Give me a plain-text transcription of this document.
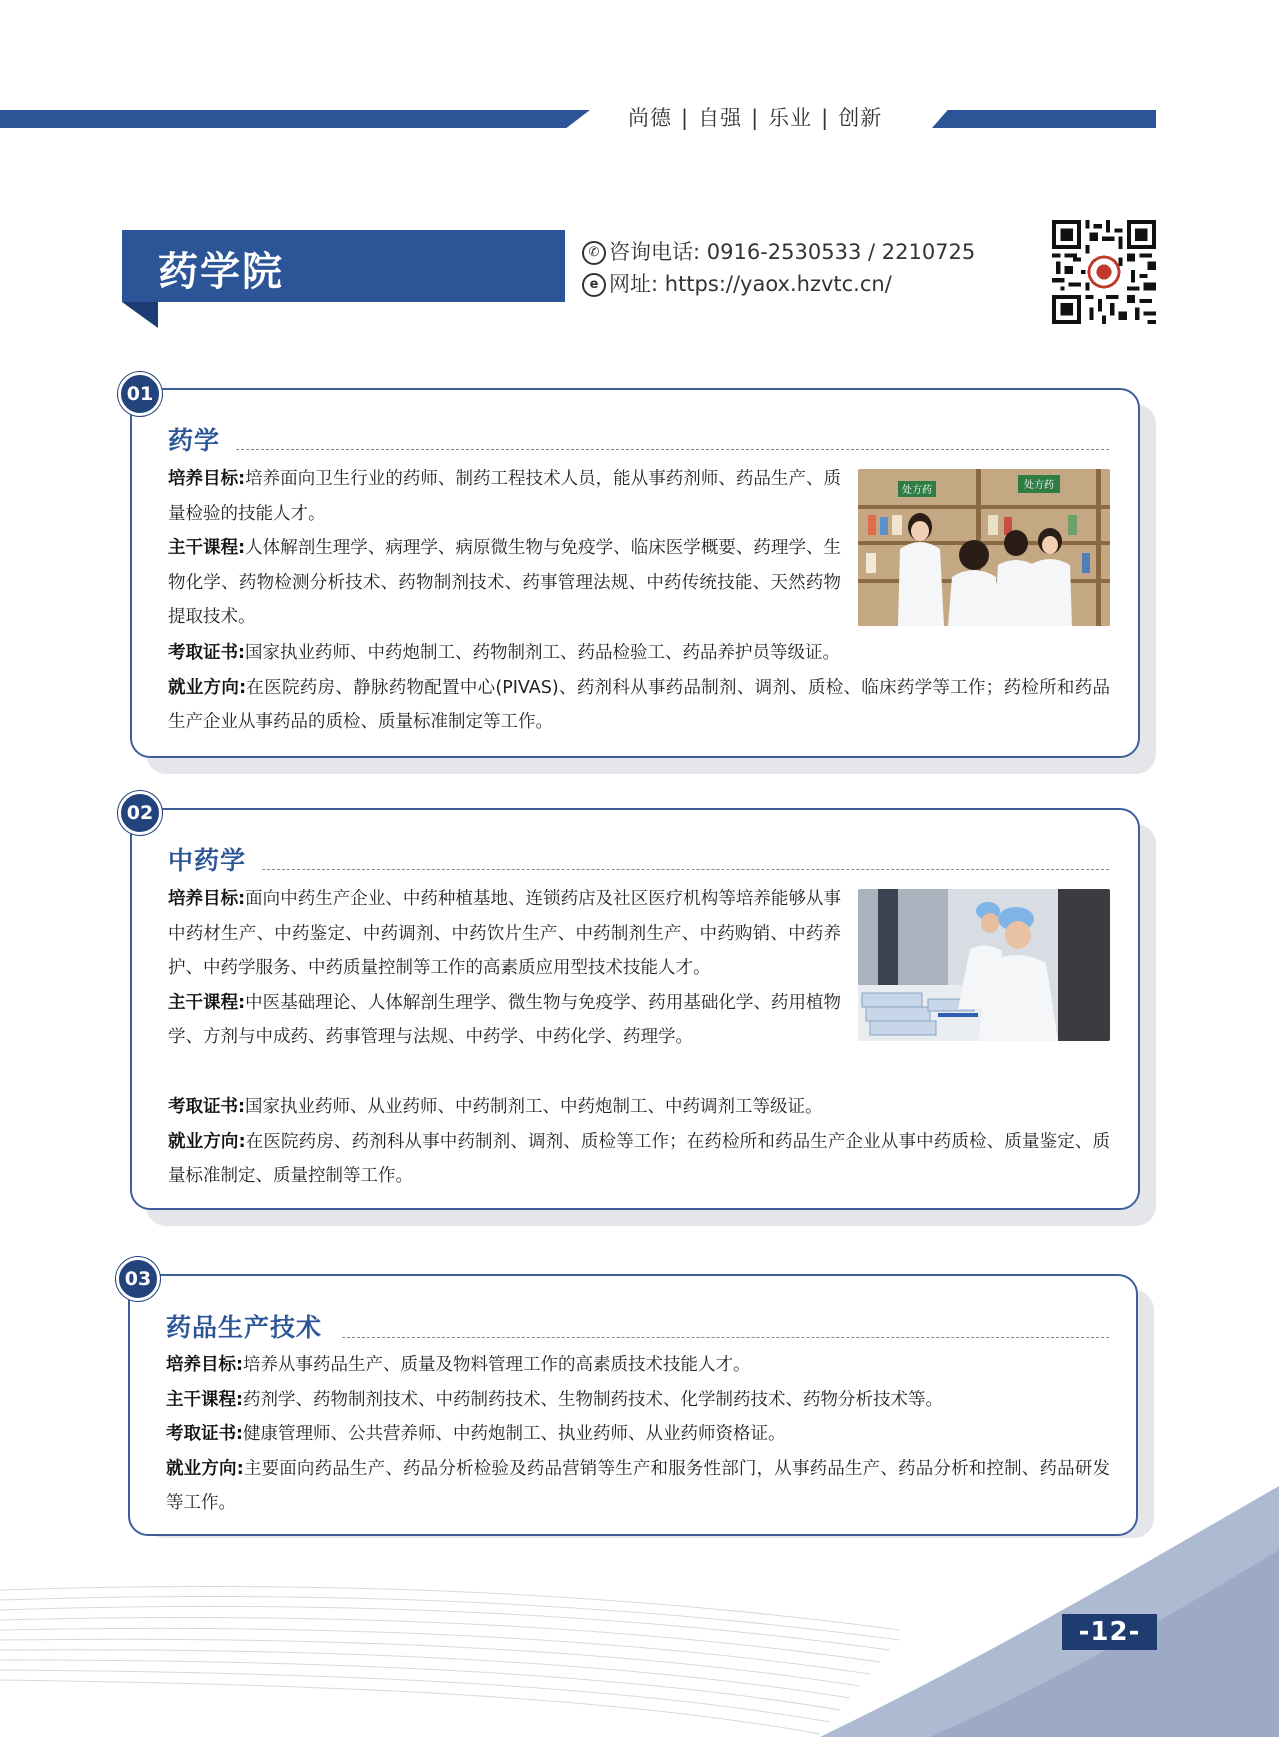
尚德 | 自强 | 乐业 | 创新
药学院	✆ 咨询电话: 0916-2530533 / 2210725
e 网址: https://yaox.hzvtc.cn/
01
药学
处方药	处方药
培养目标:培养面向卫生行业的药师、制药工程技术人员，能从事药剂师、药品生产、质量检验的技能人才。
主干课程:人体解剖生理学、病理学、病原微生物与免疫学、临床医学概要、药理学、生物化学、药物检测分析技术、药物制剂技术、药事管理法规、中药传统技能、天然药物提取技术。
考取证书:国家执业药师、中药炮制工、药物制剂工、药品检验工、药品养护员等级证。
就业方向:在医院药房、静脉药物配置中心(PIVAS)、药剂科从事药品制剂、调剂、质检、临床药学等工作；药检所和药品生产企业从事药品的质检、质量标准制定等工作。
02
中药学
培养目标:面向中药生产企业、中药种植基地、连锁药店及社区医疗机构等培养能够从事中药材生产、中药鉴定、中药调剂、中药饮片生产、中药制剂生产、中药购销、中药养护、中药学服务、中药质量控制等工作的高素质应用型技术技能人才。
主干课程:中医基础理论、人体解剖生理学、微生物与免疫学、药用基础化学、药用植物学、方剂与中成药、药事管理与法规、中药学、中药化学、药理学。
考取证书:国家执业药师、从业药师、中药制剂工、中药炮制工、中药调剂工等级证。
就业方向:在医院药房、药剂科从事中药制剂、调剂、质检等工作；在药检所和药品生产企业从事中药质检、质量鉴定、质量标准制定、质量控制等工作。
03
药品生产技术
培养目标:培养从事药品生产、质量及物料管理工作的高素质技术技能人才。
主干课程:药剂学、药物制剂技术、中药制药技术、生物制药技术、化学制药技术、药物分析技术等。
考取证书:健康管理师、公共营养师、中药炮制工、执业药师、从业药师资格证。
就业方向:主要面向药品生产、药品分析检验及药品营销等生产和服务性部门，从事药品生产、药品分析和控制、药品研发等工作。
-12-
